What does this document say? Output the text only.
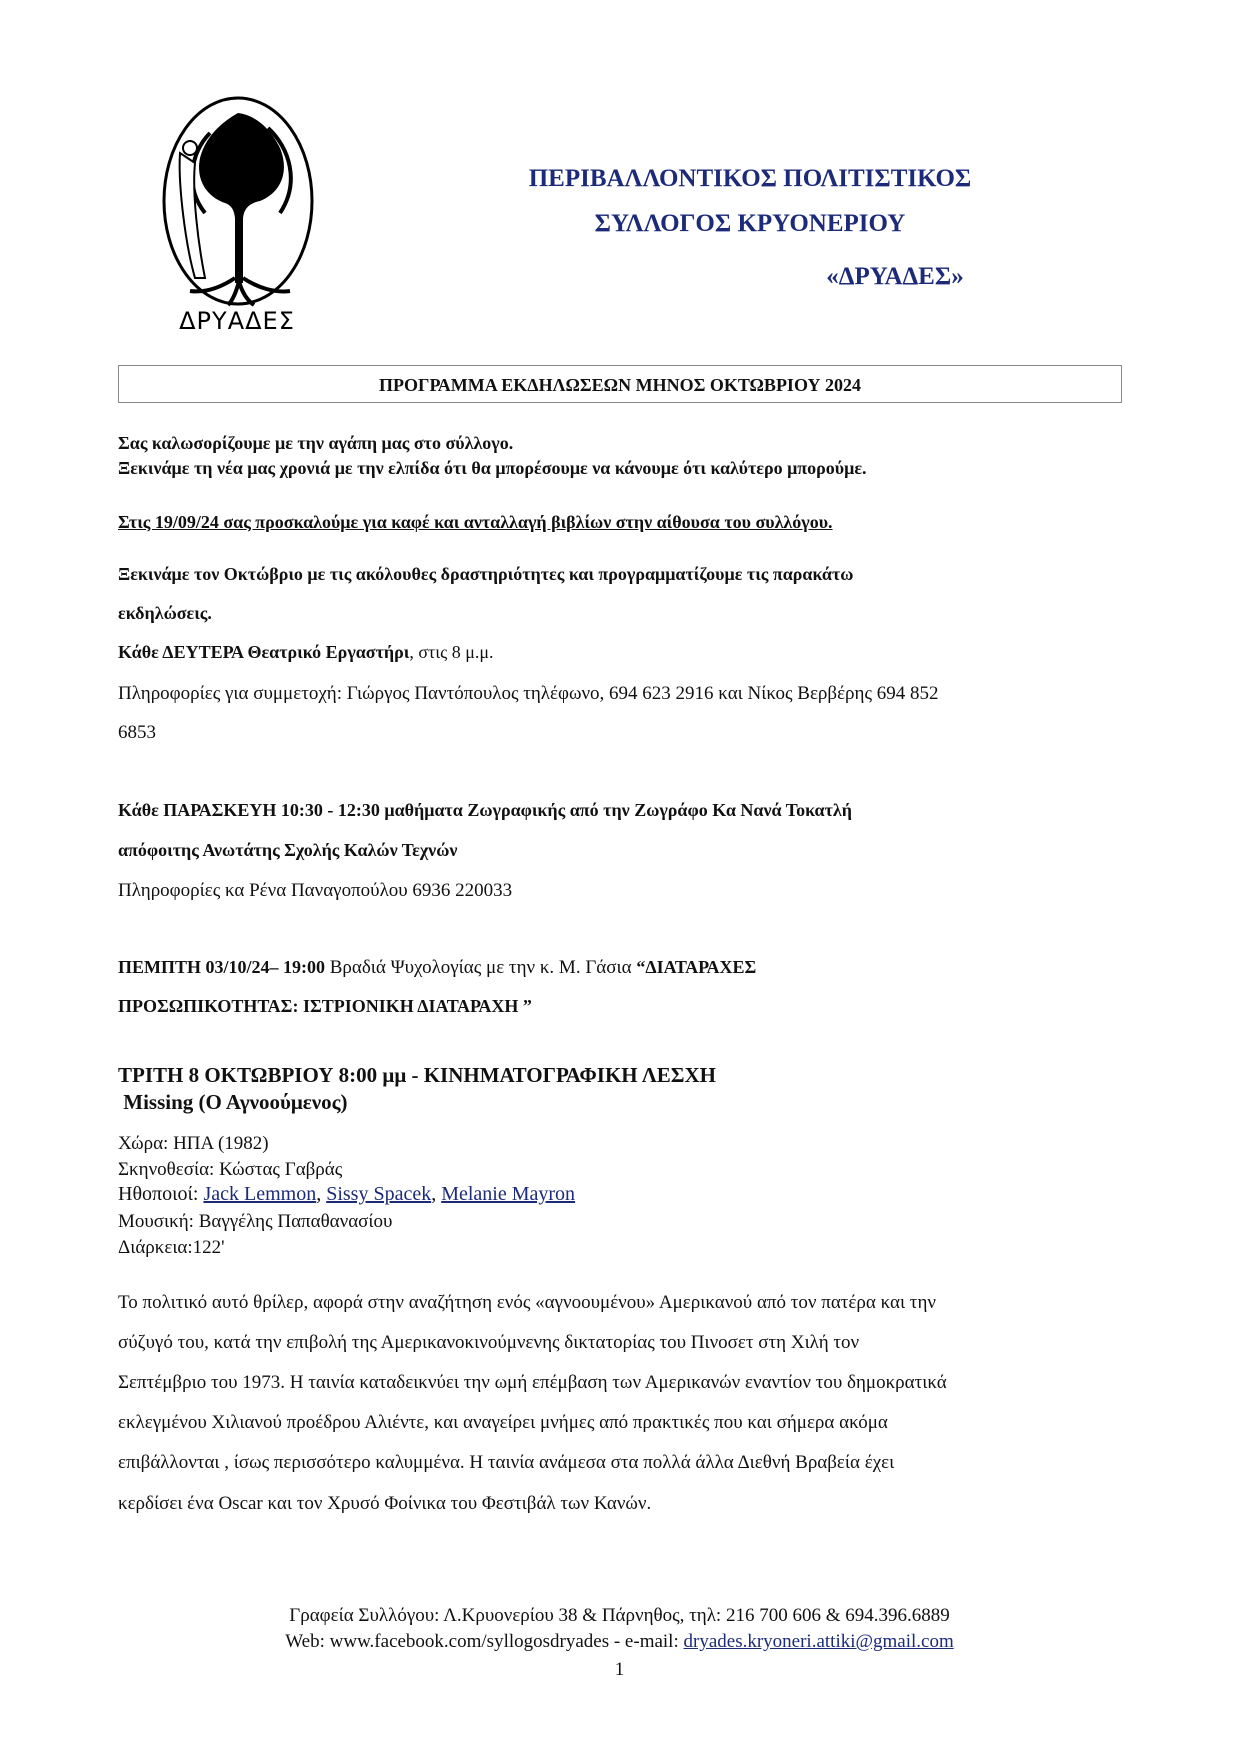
ΔΡΥΑΔΕΣ
ΠΕΡΙΒΑΛΛΟΝΤΙΚΟΣ ΠΟΛΙΤΙΣΤΙΚΟΣ
ΣΥΛΛΟΓΟΣ ΚΡΥΟΝΕΡΙΟΥ
«ΔΡΥΑΔΕΣ»
ΠΡΟΓΡΑΜΜΑ ΕΚΔΗΛΩΣΕΩΝ ΜΗΝΟΣ ΟΚΤΩΒΡΙΟΥ 2024
Σας καλωσορίζουμε με την αγάπη μας στο σύλλογο.
Ξεκινάμε τη νέα μας χρονιά με την ελπίδα ότι θα μπορέσουμε να κάνουμε ότι καλύτερο μπορούμε.
Στις 19/09/24 σας προσκαλούμε για καφέ και ανταλλαγή βιβλίων στην αίθουσα του συλλόγου.
Ξεκινάμε τον Οκτώβριο με τις ακόλουθες δραστηριότητες και προγραμματίζουμε τις παρακάτω
εκδηλώσεις.
Κάθε ΔΕΥΤΕΡΑ Θεατρικό Εργαστήρι, στις 8 μ.μ.
Πληροφορίες για συμμετοχή: Γιώργος Παντόπουλος τηλέφωνο, 694 623 2916 και Νίκος Βερβέρης 694 852
6853
Κάθε ΠΑΡΑΣΚΕΥΗ 10:30 - 12:30 μαθήματα Ζωγραφικής από την Ζωγράφο Κα Νανά Τοκατλή
απόφοιτης Ανωτάτης Σχολής Καλών Τεχνών
Πληροφορίες κα Ρένα Παναγοπούλου 6936 220033
ΠΕΜΠΤΗ 03/10/24– 19:00 Βραδιά Ψυχολογίας με την κ. Μ. Γάσια “ΔΙΑΤΑΡΑΧΕΣ
ΠΡΟΣΩΠΙΚΟΤΗΤΑΣ: ΙΣΤΡΙΟΝΙΚΗ ΔΙΑΤΑΡΑΧΗ ”
ΤΡΙΤΗ 8 ΟΚΤΩΒΡΙΟΥ 8:00 μμ - ΚΙΝΗΜΑΤΟΓΡΑΦΙΚΗ ΛΕΣΧΗ
Missing (Ο Αγνοούμενος)
Χώρα: ΗΠΑ (1982)
Σκηνοθεσία: Κώστας Γαβράς
Ηθοποιοί: Jack Lemmon, Sissy Spacek, Melanie Mayron
Μουσική: Βαγγέλης Παπαθανασίου
Διάρκεια:122'
Το πολιτικό αυτό θρίλερ, αφορά στην αναζήτηση ενός «αγνοουμένου» Αμερικανού από τον πατέρα και την
σύζυγό του, κατά την επιβολή της Αμερικανοκινούμνενης δικτατορίας του Πινοσετ στη Χιλή τον
Σεπτέμβριο του 1973. Η ταινία καταδεικνύει την ωμή επέμβαση των Αμερικανών εναντίον του δημοκρατικά
εκλεγμένου Χιλιανού προέδρου Αλιέντε, και αναγείρει μνήμες από πρακτικές που και σήμερα ακόμα
επιβάλλονται , ίσως περισσότερο καλυμμένα. Η ταινία ανάμεσα στα πολλά άλλα Διεθνή Βραβεία έχει
κερδίσει ένα Oscar και τον Χρυσό Φοίνικα του Φεστιβάλ των Κανών.
Γραφεία Συλλόγου: Λ.Κρυονερίου 38 & Πάρνηθος, τηλ: 216 700 606 & 694.396.6889
Web: www.facebook.com/syllogosdryades - e-mail: dryades.kryoneri.attiki@gmail.com
1
